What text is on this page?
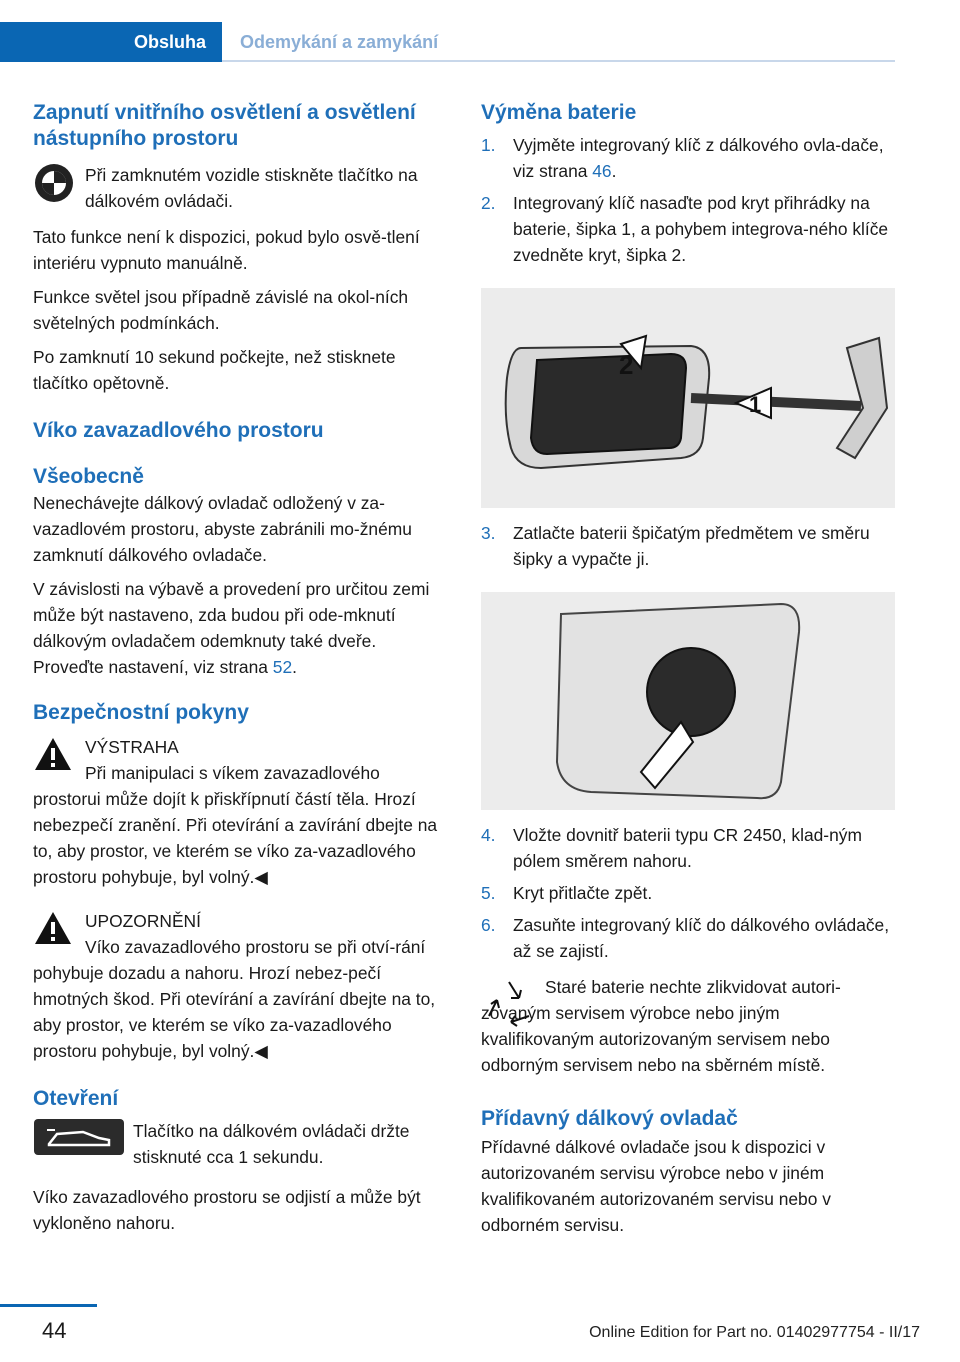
Obsluha	Odemykání a zamykání
Zapnutí vnitřního osvětlení a osvětlení nástupního prostoru

Při zamknutém vozidle stiskněte tlačítko na dálkovém ovládači.

Tato funkce není k dispozici, pokud bylo osvě‐tlení interiéru vypnuto manuálně.

Funkce světel jsou případně závislé na okol‐ních světelných podmínkách.

Po zamknutí 10 sekund počkejte, než stisknete tlačítko opětovně.

Víko zavazadlového prostoru
Všeobecně

Nenechávejte dálkový ovladač odložený v za‐vazadlovém prostoru, abyste zabránili mo‐žnému zamknutí dálkového ovladače.

V závislosti na výbavě a provedení pro určitou zemi může být nastaveno, zda budou při ode‐mknutí dálkovým ovladačem odemknuty také dveře. Proveďte nastavení, viz strana 52.

Bezpečnostní pokyny

VÝSTRAHA

Při manipulaci s víkem zavazadlového prostorui může dojít k přiskřípnutí částí těla. Hrozí nebezpečí zranění. Při otevírání a zavírání dbejte na to, aby prostor, ve kterém se víko za‐vazadlového prostoru pohybuje, byl volný.◀

UPOZORNĚNÍ

Víko zavazadlového prostoru se při otví‐rání pohybuje dozadu a nahoru. Hrozí nebez‐pečí hmotných škod. Při otevírání a zavírání dbejte na to, aby prostor, ve kterém se víko za‐vazadlového prostoru pohybuje, byl volný.◀

Otevření

Tlačítko na dálkovém ovládači držte stisknuté cca 1 sekundu.

Víko zavazadlového prostoru se odjistí a může být vykloněno nahoru.

Výměna baterie
1.	Vyjměte integrovaný klíč z dálkového ovla‐dače, viz strana 46.
2.	Integrovaný klíč nasaďte pod kryt přihrádky na baterie, šipka 1, a pohybem integrova‐ného klíče zvedněte kryt, šipka 2.
2
1
3.	Zatlačte baterii špičatým předmětem ve směru šipky a vypačte ji.
4.	Vložte dovnitř baterii typu CR 2450, klad‐ným pólem směrem nahoru.
5.	Kryt přitlačte zpět.
6.	Zasuňte integrovaný klíč do dálkového ovládače, až se zajistí.

Staré baterie nechte zlikvidovat autori‐zovaným servisem výrobce nebo jiným kvalifikovaným autorizovaným servisem nebo odborným servisem nebo na sběrném místě.

Přídavný dálkový ovladač

Přídavné dálkové ovladače jsou k dispozici v autorizovaném servisu výrobce nebo v jiném kvalifikovaném autorizovaném servisu nebo v odborném servisu.

44	Online Edition for Part no. 01402977754 - II/17
